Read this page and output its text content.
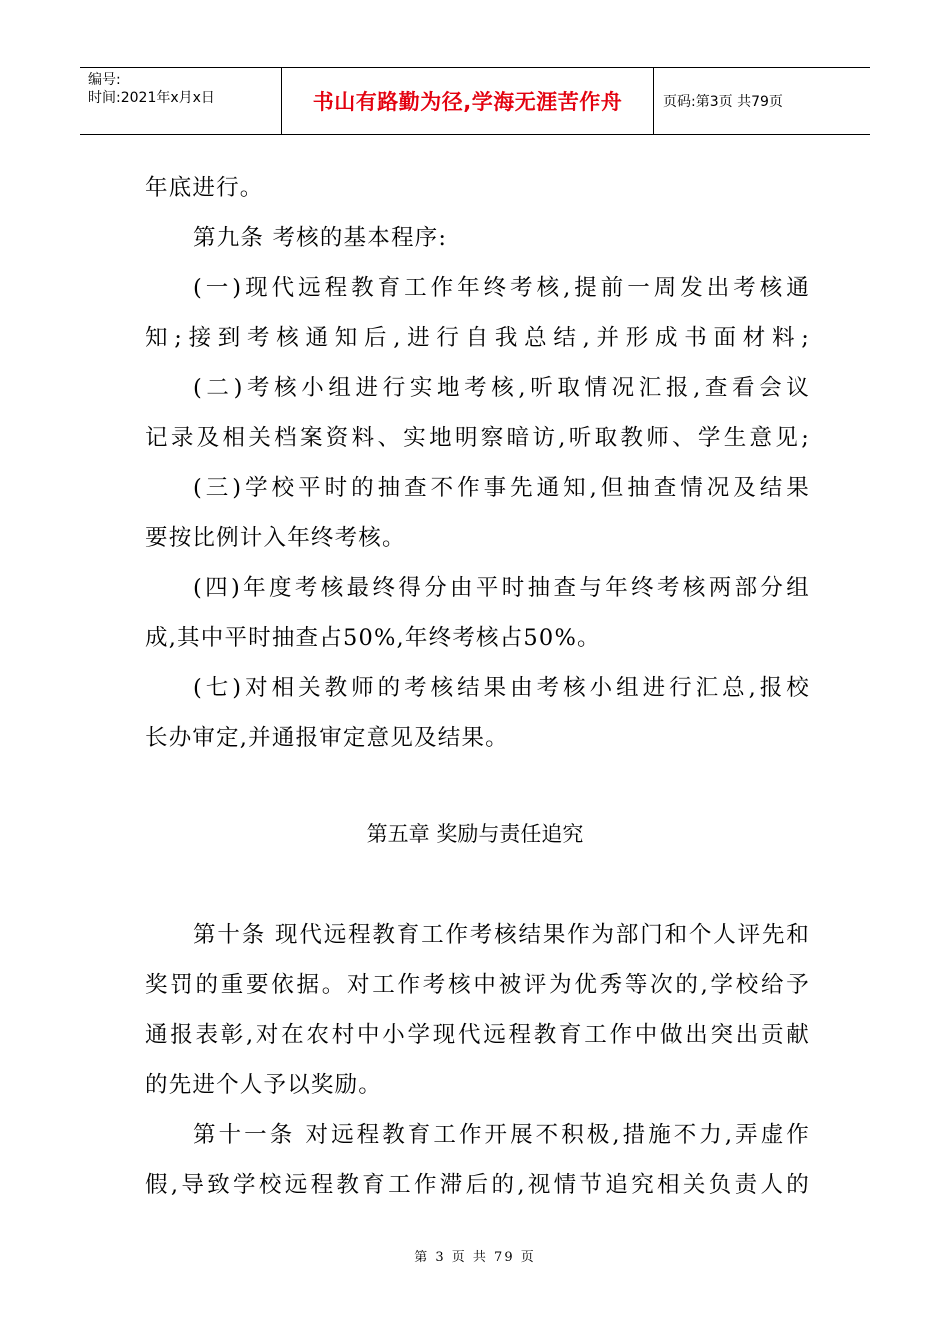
编号:
时间:2021年x月x日	书山有路勤为径,学海无涯苦作舟	页码:第3页 共79页
年底进行。
第九条 考核的基本程序:
(一)现代远程教育工作年终考核,提前一周发出考核通
知;接到考核通知后,进行自我总结,并形成书面材料;
(二)考核小组进行实地考核,听取情况汇报,查看会议
记录及相关档案资料、实地明察暗访,听取教师、学生意见;
(三)学校平时的抽查不作事先通知,但抽查情况及结果
要按比例计入年终考核。
(四)年度考核最终得分由平时抽查与年终考核两部分组
成,其中平时抽查占50%,年终考核占50%。
(七)对相关教师的考核结果由考核小组进行汇总,报校
长办审定,并通报审定意见及结果。
第五章 奖励与责任追究
第十条 现代远程教育工作考核结果作为部门和个人评先和
奖罚的重要依据。对工作考核中被评为优秀等次的,学校给予
通报表彰,对在农村中小学现代远程教育工作中做出突出贡献
的先进个人予以奖励。
第十一条 对远程教育工作开展不积极,措施不力,弄虚作
假,导致学校远程教育工作滞后的,视情节追究相关负责人的
第 3 页 共 79 页
